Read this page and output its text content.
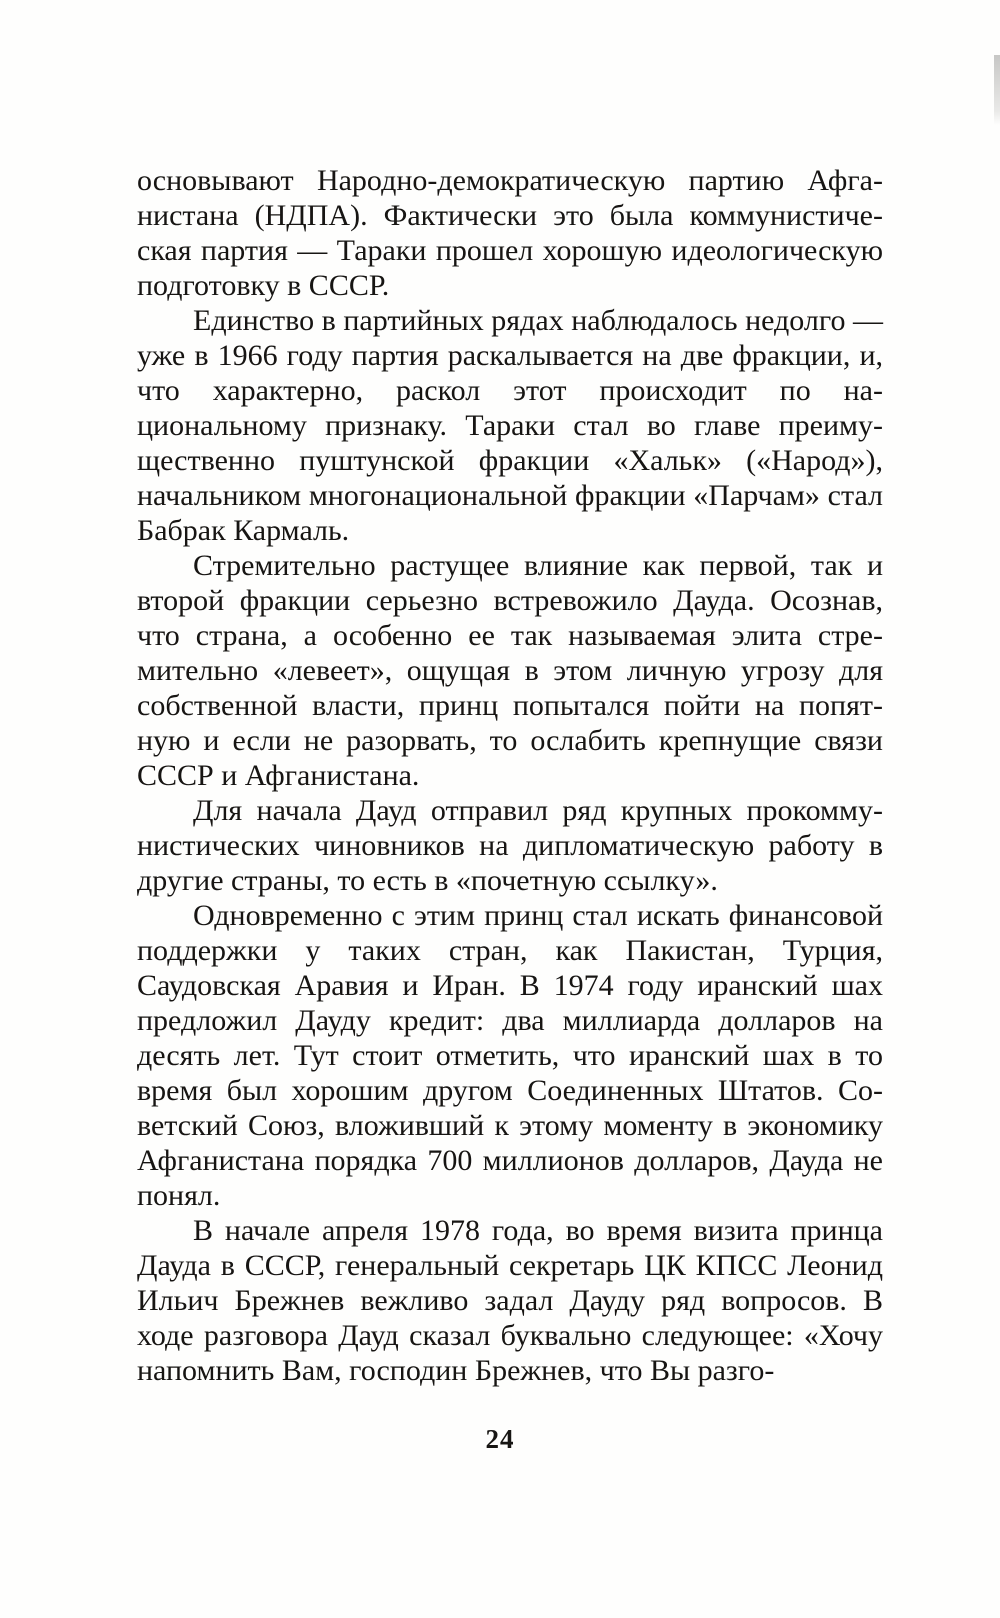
основывают Народно-демократическую партию Афганистана (НДПА). Фактически это была коммунистическая партия — Тараки прошел хорошую идеологическую подготовку в СССР.

Единство в партийных рядах наблюдалось недолго — уже в 1966 году партия раскалывается на две фракции, и, что характерно, раскол этот происходит по национальному признаку. Тараки стал во главе преимущественно пуштунской фракции «Хальк» («Народ»), начальником многонациональной фракции «Парчам» стал Бабрак Кармаль.

Стремительно растущее влияние как первой, так и второй фракции серьезно встревожило Дауда. Осознав, что страна, а особенно ее так называемая элита стремительно «левеет», ощущая в этом личную угрозу для собственной власти, принц попытался пойти на попятную и если не разорвать, то ослабить крепнущие связи СССР и Афганистана.

Для начала Дауд отправил ряд крупных прокоммунистических чиновников на дипломатическую работу в другие страны, то есть в «почетную ссылку».

Одновременно с этим принц стал искать финансовой поддержки у таких стран, как Пакистан, Турция, Саудовская Аравия и Иран. В 1974 году иранский шах предложил Дауду кредит: два миллиарда долларов на десять лет. Тут стоит отметить, что иранский шах в то время был хорошим другом Соединенных Штатов. Советский Союз, вложивший к этому моменту в экономику Афганистана порядка 700 миллионов долларов, Дауда не понял.

В начале апреля 1978 года, во время визита принца Дауда в СССР, генеральный секретарь ЦК КПСС Леонид Ильич Брежнев вежливо задал Дауду ряд вопросов. В ходе разговора Дауд сказал буквально следующее: «Хочу напомнить Вам, господин Брежнев, что Вы разго-

24
